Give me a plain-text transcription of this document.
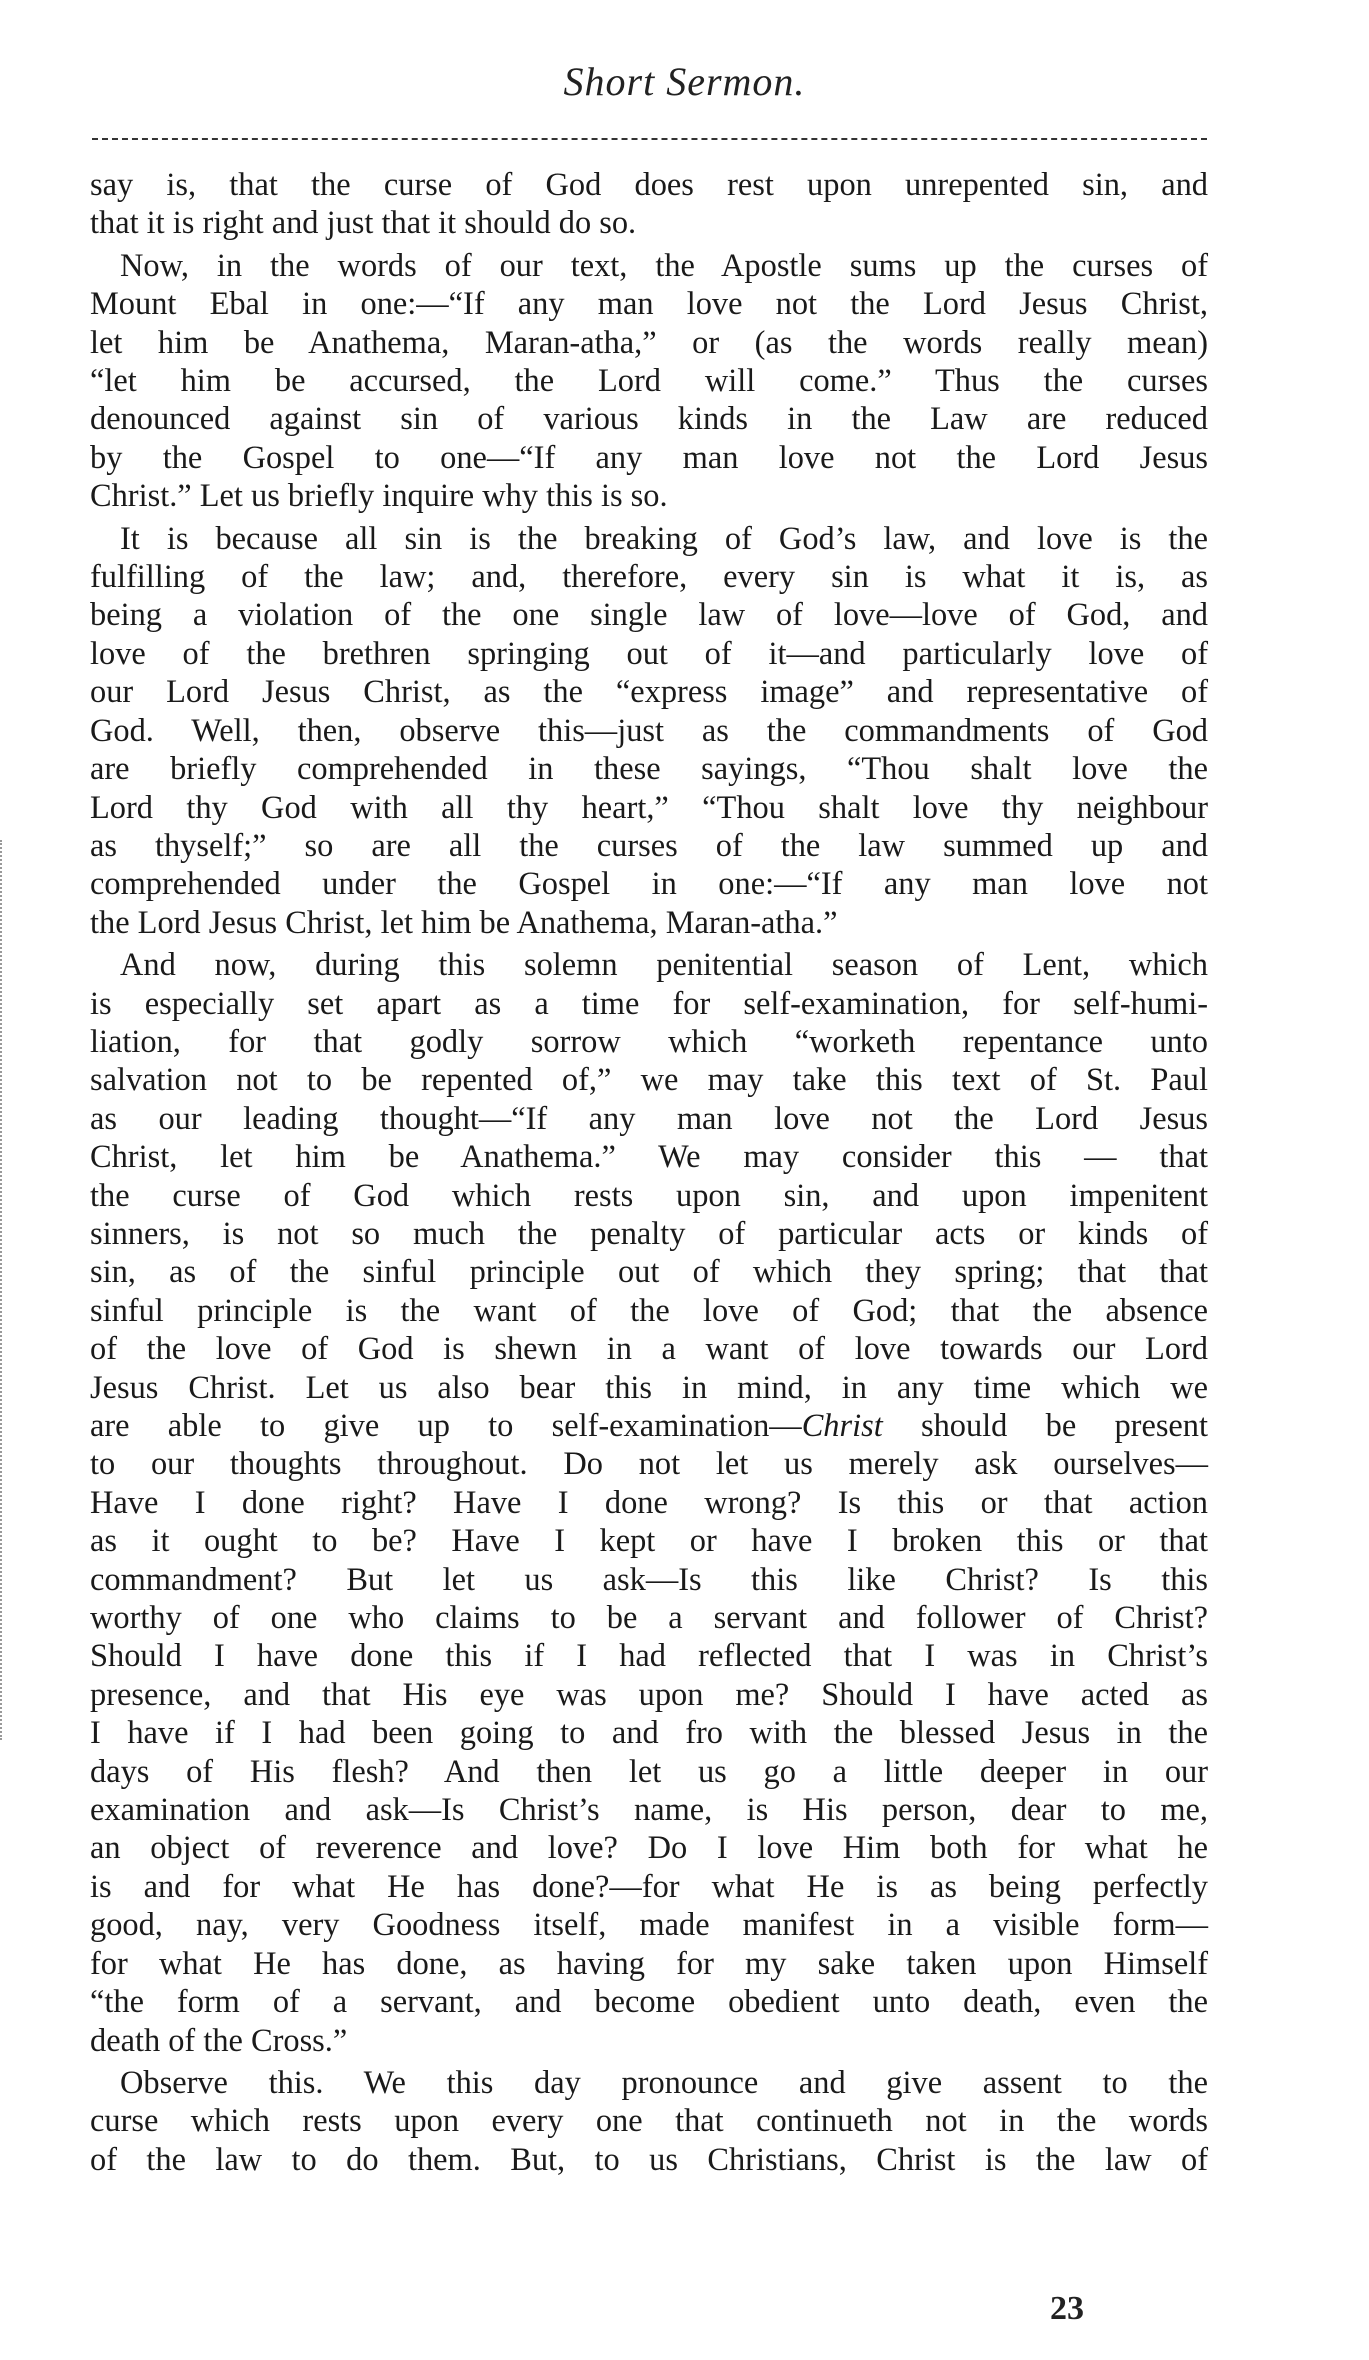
Short Sermon.
say is, that the curse of God does rest upon unrepented sin, and
that it is right and just that it should do so.
Now, in the words of our text, the Apostle sums up the curses of
Mount Ebal in one:—“If any man love not the Lord Jesus Christ,
let him be Anathema, Maran-atha,” or (as the words really mean)
“let him be accursed, the Lord will come.” Thus the curses
denounced against sin of various kinds in the Law are reduced
by the Gospel to one—“If any man love not the Lord Jesus
Christ.” Let us briefly inquire why this is so.
It is because all sin is the breaking of God’s law, and love is the
fulfilling of the law; and, therefore, every sin is what it is, as
being a violation of the one single law of love—love of God, and
love of the brethren springing out of it—and particularly love of
our Lord Jesus Christ, as the “express image” and representative of
God. Well, then, observe this—just as the commandments of God
are briefly comprehended in these sayings, “Thou shalt love the
Lord thy God with all thy heart,” “Thou shalt love thy neighbour
as thyself;” so are all the curses of the law summed up and
comprehended under the Gospel in one:—“If any man love not
the Lord Jesus Christ, let him be Anathema, Maran-atha.”
And now, during this solemn penitential season of Lent, which
is especially set apart as a time for self-examination, for self-humi-
liation, for that godly sorrow which “worketh repentance unto
salvation not to be repented of,” we may take this text of St. Paul
as our leading thought—“If any man love not the Lord Jesus
Christ, let him be Anathema.” We may consider this — that
the curse of God which rests upon sin, and upon impenitent
sinners, is not so much the penalty of particular acts or kinds of
sin, as of the sinful principle out of which they spring; that that
sinful principle is the want of the love of God; that the absence
of the love of God is shewn in a want of love towards our Lord
Jesus Christ. Let us also bear this in mind, in any time which we
are able to give up to self-examination—Christ should be present
to our thoughts throughout. Do not let us merely ask ourselves—
Have I done right? Have I done wrong? Is this or that action
as it ought to be? Have I kept or have I broken this or that
commandment? But let us ask—Is this like Christ? Is this
worthy of one who claims to be a servant and follower of Christ?
Should I have done this if I had reflected that I was in Christ’s
presence, and that His eye was upon me? Should I have acted as
I have if I had been going to and fro with the blessed Jesus in the
days of His flesh? And then let us go a little deeper in our
examination and ask—Is Christ’s name, is His person, dear to me,
an object of reverence and love? Do I love Him both for what he
is and for what He has done?—for what He is as being perfectly
good, nay, very Goodness itself, made manifest in a visible form—
for what He has done, as having for my sake taken upon Himself
“the form of a servant, and become obedient unto death, even the
death of the Cross.”
Observe this. We this day pronounce and give assent to the
curse which rests upon every one that continueth not in the words
of the law to do them. But, to us Christians, Christ is the law of
23
